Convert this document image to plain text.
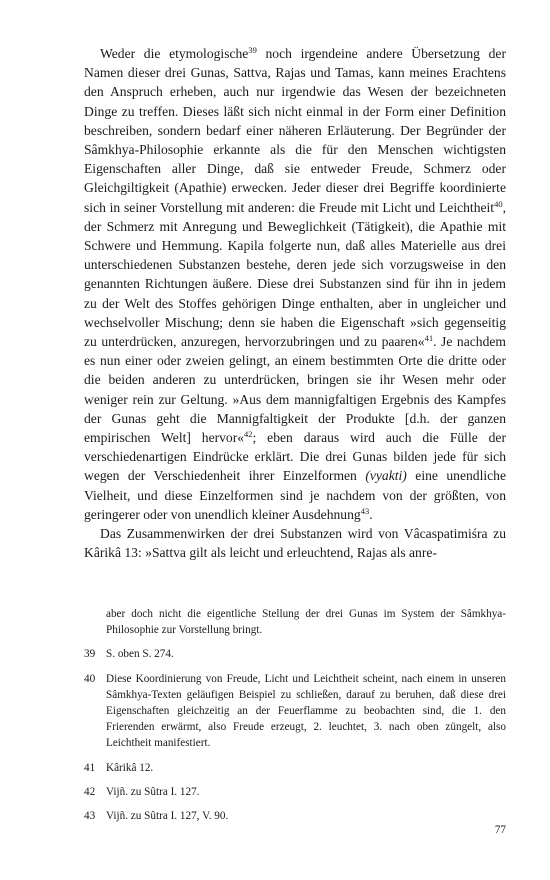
Weder die etymologische$^{39}$ noch irgendeine andere Übersetzung der Namen dieser drei Gunas, Sattva, Rajas und Tamas, kann meines Erachtens den Anspruch erheben, auch nur irgendwie das Wesen der bezeichneten Dinge zu treffen. Dieses läßt sich nicht einmal in der Form einer Definition beschreiben, sondern bedarf einer näheren Erläuterung. Der Begründer der Sâmkhya-Philosophie erkannte als die für den Menschen wichtigsten Eigenschaften aller Dinge, daß sie entweder Freude, Schmerz oder Gleichgiltigkeit (Apathie) erwecken. Jeder dieser drei Begriffe koordinierte sich in seiner Vorstellung mit anderen: die Freude mit Licht und Leichtheit$^{40}$, der Schmerz mit Anregung und Beweglichkeit (Tätigkeit), die Apathie mit Schwere und Hemmung. Kapila folgerte nun, daß alles Materielle aus drei unterschiedenen Substanzen bestehe, deren jede sich vorzugsweise in den genannten Richtungen äußere. Diese drei Substanzen sind für ihn in jedem zu der Welt des Stoffes gehörigen Dinge enthalten, aber in ungleicher und wechselvoller Mischung; denn sie haben die Eigenschaft »sich gegenseitig zu unterdrücken, anzuregen, hervorzubringen und zu paaren«$^{41}$. Je nachdem es nun einer oder zweien gelingt, an einem bestimmten Orte die dritte oder die beiden anderen zu unterdrücken, bringen sie ihr Wesen mehr oder weniger rein zur Geltung. »Aus dem mannigfaltigen Ergebnis des Kampfes der Gunas geht die Mannigfaltigkeit der Produkte [d.h. der ganzen empirischen Welt] hervor«$^{42}$; eben daraus wird auch die Fülle der verschiedenartigen Eindrücke erklärt. Die drei Gunas bilden jede für sich wegen der Verschiedenheit ihrer Einzelformen (vyakti) eine unendliche Vielheit, und diese Einzelformen sind je nachdem von der größten, von geringerer oder von unendlich kleiner Ausdehnung$^{43}$.

Das Zusammenwirken der drei Substanzen wird von Vâcaspatimiśra zu Kârikâ 13: »Sattva gilt als leicht und erleuchtend, Rajas als anre-

aber doch nicht die eigentliche Stellung der drei Gunas im System der Sâmkhya-Philosophie zur Vorstellung bringt.
39 S. oben S. 274.
40 Diese Koordinierung von Freude, Licht und Leichtheit scheint, nach einem in unseren Sâmkhya-Texten geläufigen Beispiel zu schließen, darauf zu beruhen, daß diese drei Eigenschaften gleichzeitig an der Feuerflamme zu beobachten sind, die 1. den Frierenden erwärmt, also Freude erzeugt, 2. leuchtet, 3. nach oben züngelt, also Leichtheit manifestiert.
41 Kârikâ 12.
42 Vijñ. zu Sûtra I. 127.
43 Vijñ. zu Sûtra I. 127, V. 90.
77
